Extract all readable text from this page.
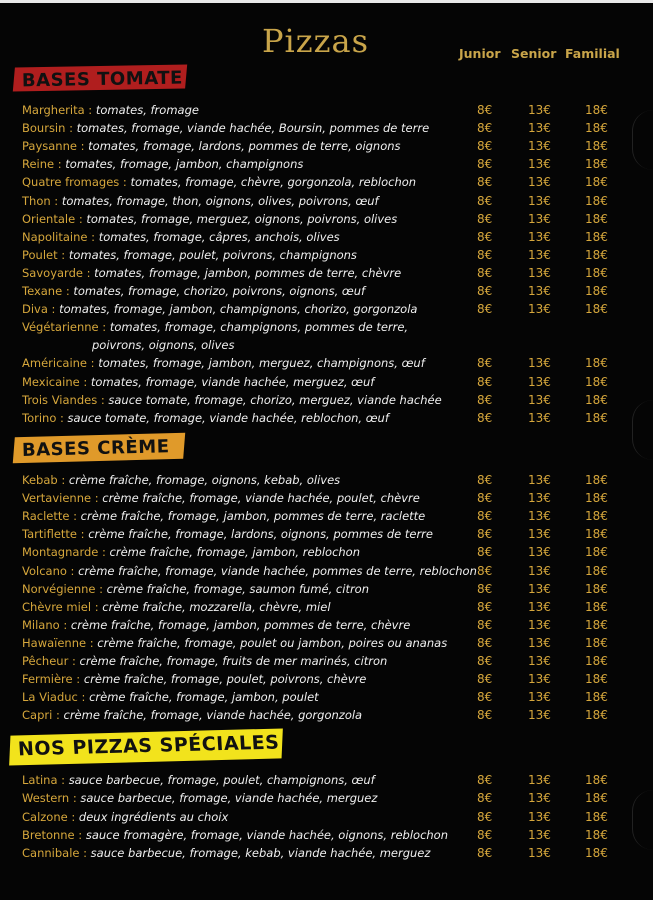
Pizzas	Junior Senior Familial
BASES TOMATE
BASES CRÈME
NOS PIZZAS SPÉCIALES
Margherita : tomates, fromage	8€	13€	18€
Boursin : tomates, fromage, viande hachée, Boursin, pommes de terre	8€	13€	18€
Paysanne : tomates, fromage, lardons, pommes de terre, oignons	8€	13€	18€
Reine : tomates, fromage, jambon, champignons	8€	13€	18€
Quatre fromages : tomates, fromage, chèvre, gorgonzola, reblochon	8€	13€	18€
Thon : tomates, fromage, thon, oignons, olives, poivrons, œuf	8€	13€	18€
Orientale : tomates, fromage, merguez, oignons, poivrons, olives	8€	13€	18€
Napolitaine : tomates, fromage, câpres, anchois, olives	8€	13€	18€
Poulet : tomates, fromage, poulet, poivrons, champignons	8€	13€	18€
Savoyarde : tomates, fromage, jambon, pommes de terre, chèvre	8€	13€	18€
Texane : tomates, fromage, chorizo, poivrons, oignons, œuf	8€	13€	18€
Diva : tomates, fromage, jambon, champignons, chorizo, gorgonzola	8€	13€	18€
Végétarienne : tomates, fromage, champignons, pommes de terre,
poivrons, oignons, olives
Américaine : tomates, fromage, jambon, merguez, champignons, œuf	8€	13€	18€
Mexicaine : tomates, fromage, viande hachée, merguez, œuf	8€	13€	18€
Trois Viandes : sauce tomate, fromage, chorizo, merguez, viande hachée	8€	13€	18€
Torino : sauce tomate, fromage, viande hachée, reblochon, œuf	8€	13€	18€
Kebab : crème fraîche, fromage, oignons, kebab, olives	8€	13€	18€
Vertavienne : crème fraîche, fromage, viande hachée, poulet, chèvre	8€	13€	18€
Raclette : crème fraîche, fromage, jambon, pommes de terre, raclette	8€	13€	18€
Tartiflette : crème fraîche, fromage, lardons, oignons, pommes de terre	8€	13€	18€
Montagnarde : crème fraîche, fromage, jambon, reblochon	8€	13€	18€
Volcano : crème fraîche, fromage, viande hachée, pommes de terre, reblochon 8€	13€	18€
Norvégienne : crème fraîche, fromage, saumon fumé, citron	8€	13€	18€
Chèvre miel : crème fraîche, mozzarella, chèvre, miel	8€	13€	18€
Milano : crème fraîche, fromage, jambon, pommes de terre, chèvre	8€	13€	18€
Hawaïenne : crème fraîche, fromage, poulet ou jambon, poires ou ananas 8€	13€	18€
Pêcheur : crème fraîche, fromage, fruits de mer marinés, citron	8€	13€	18€
Fermière : crème fraîche, fromage, poulet, poivrons, chèvre	8€	13€	18€
La Viaduc : crème fraîche, fromage, jambon, poulet	8€	13€	18€
Capri : crème fraîche, fromage, viande hachée, gorgonzola	8€	13€	18€
Latina : sauce barbecue, fromage, poulet, champignons, œuf	8€	13€	18€
Western : sauce barbecue, fromage, viande hachée, merguez	8€	13€	18€
Calzone : deux ingrédients au choix	8€	13€	18€
Bretonne : sauce fromagère, fromage, viande hachée, oignons, reblochon 8€	13€	18€
Cannibale : sauce barbecue, fromage, kebab, viande hachée, merguez	8€	13€	18€
